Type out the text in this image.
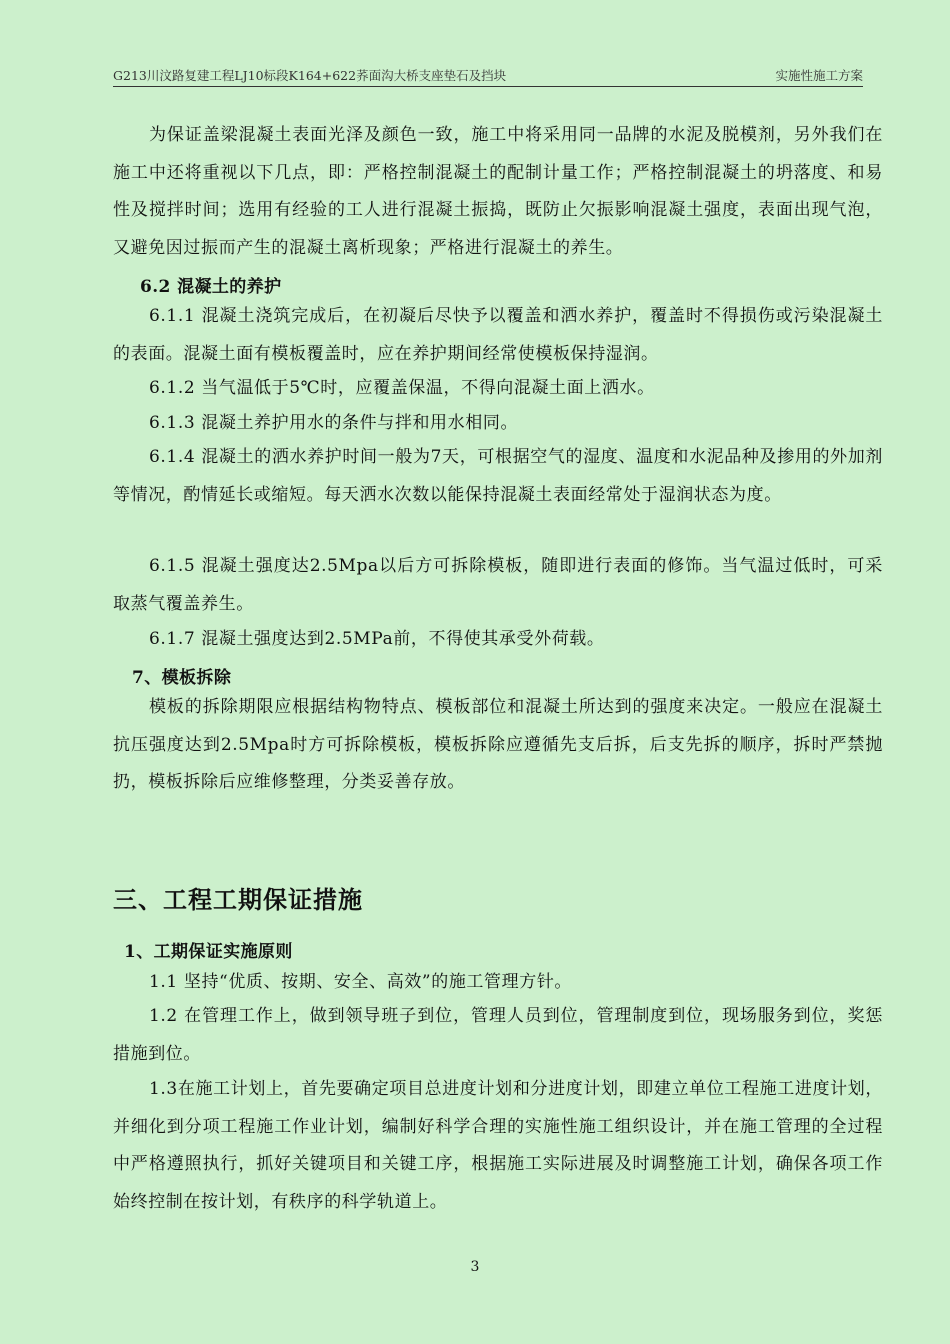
G213川汶路复建工程LJ10标段K164+622荞面沟大桥支座垫石及挡块	实施性施工方案
为保证盖梁混凝土表面光泽及颜色一致，施工中将采用同一品牌的水泥及脱模剂，另外我们在施工中还将重视以下几点，即：严格控制混凝土的配制计量工作；严格控制混凝土的坍落度、和易性及搅拌时间；选用有经验的工人进行混凝土振捣，既防止欠振影响混凝土强度，表面出现气泡，又避免因过振而产生的混凝土离析现象；严格进行混凝土的养生。
6.2 混凝土的养护
6.1.1 混凝土浇筑完成后，在初凝后尽快予以覆盖和洒水养护，覆盖时不得损伤或污染混凝土的表面。混凝土面有模板覆盖时，应在养护期间经常使模板保持湿润。
6.1.2 当气温低于5℃时，应覆盖保温，不得向混凝土面上洒水。
6.1.3 混凝土养护用水的条件与拌和用水相同。
6.1.4 混凝土的洒水养护时间一般为7天，可根据空气的湿度、温度和水泥品种及掺用的外加剂等情况，酌情延长或缩短。每天洒水次数以能保持混凝土表面经常处于湿润状态为度。
6.1.5 混凝土强度达2.5Mpa以后方可拆除模板，随即进行表面的修饰。当气温过低时，可采取蒸气覆盖养生。
6.1.7 混凝土强度达到2.5MPa前，不得使其承受外荷载。
7、模板拆除
模板的拆除期限应根据结构物特点、模板部位和混凝土所达到的强度来决定。一般应在混凝土抗压强度达到2.5Mpa时方可拆除模板，模板拆除应遵循先支后拆，后支先拆的顺序，拆时严禁抛扔，模板拆除后应维修整理，分类妥善存放。
三、工程工期保证措施
1、工期保证实施原则
1.1 坚持“优质、按期、安全、高效”的施工管理方针。
1.2 在管理工作上，做到领导班子到位，管理人员到位，管理制度到位，现场服务到位，奖惩措施到位。
1.3在施工计划上，首先要确定项目总进度计划和分进度计划，即建立单位工程施工进度计划，并细化到分项工程施工作业计划，编制好科学合理的实施性施工组织设计，并在施工管理的全过程中严格遵照执行，抓好关键项目和关键工序，根据施工实际进展及时调整施工计划，确保各项工作始终控制在按计划，有秩序的科学轨道上。
3
